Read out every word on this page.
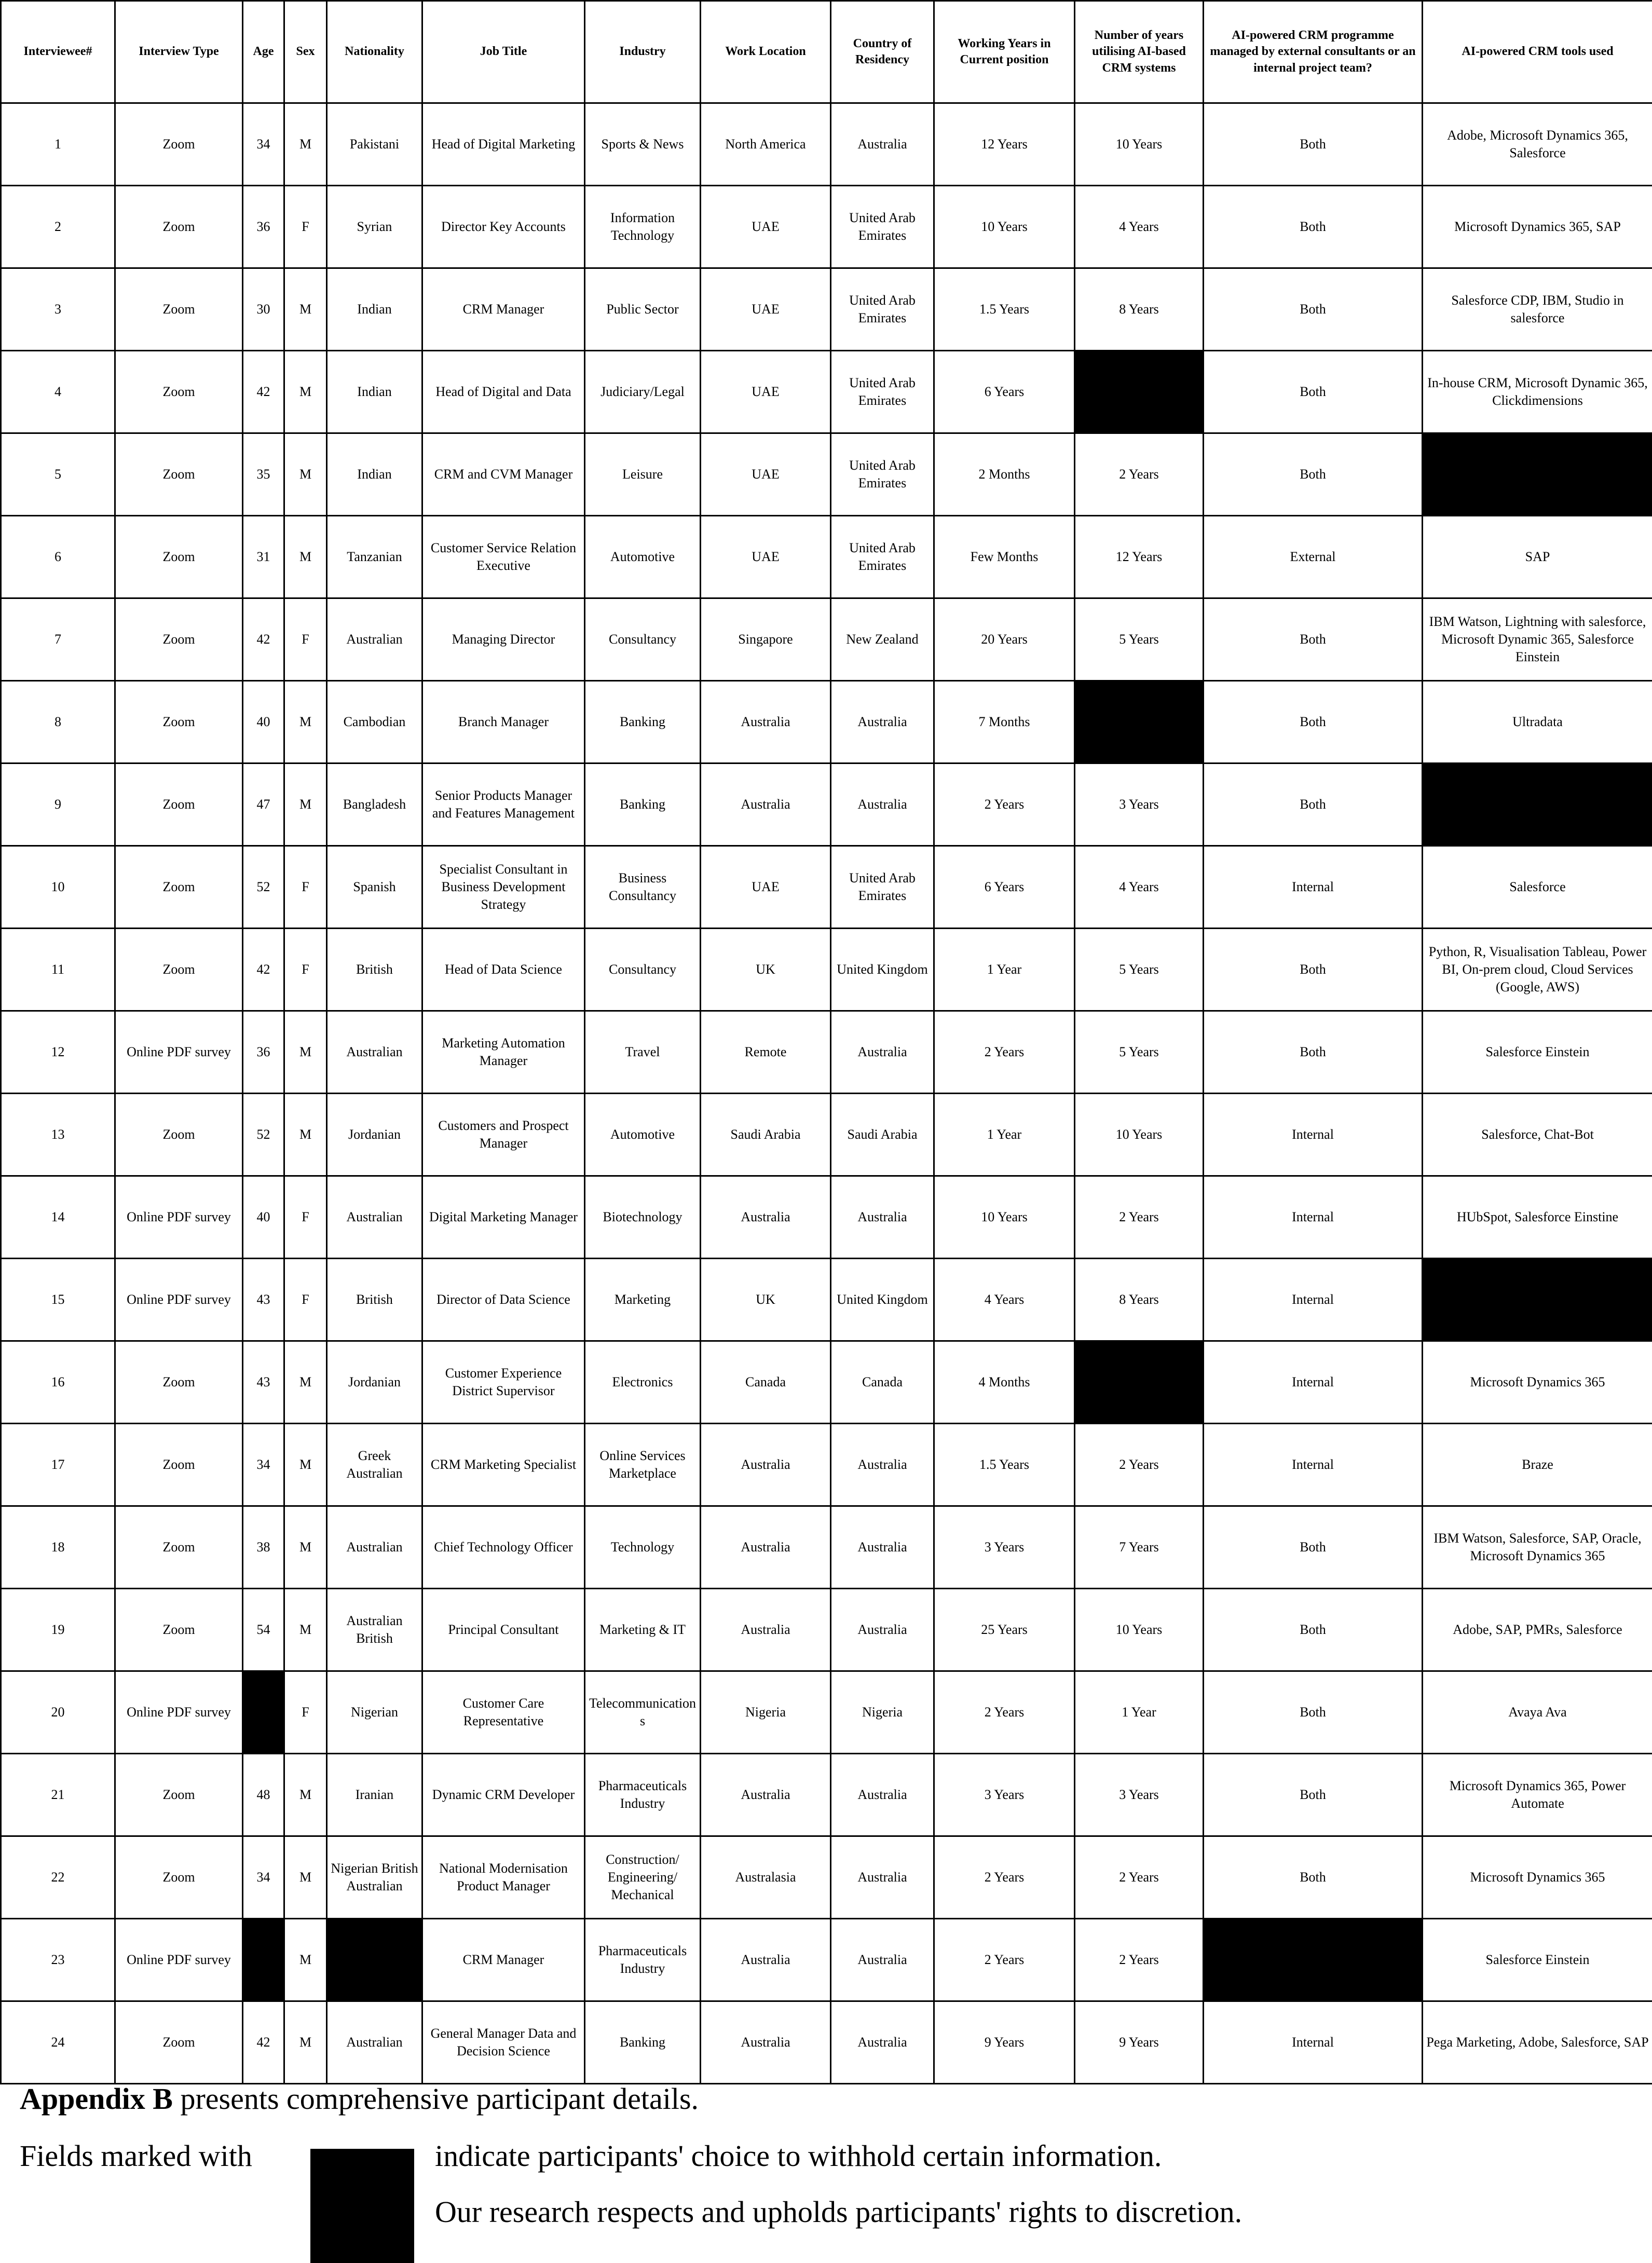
Interviewee#	Interview Type	Age	Sex	Nationality	Job Title	Industry	Work Location	Country of Residency	Working Years in Current position	Number of years utilising AI-based CRM systems	AI-powered CRM programme managed by external consultants or an internal project team?	AI-powered CRM tools used
1	Zoom	34	M	Pakistani	Head of Digital Marketing	Sports & News	North America	Australia	12 Years	10 Years	Both	Adobe, Microsoft Dynamics 365, Salesforce
2	Zoom	36	F	Syrian	Director Key Accounts	Information Technology	UAE	United Arab Emirates	10 Years	4 Years	Both	Microsoft Dynamics 365, SAP
3	Zoom	30	M	Indian	CRM Manager	Public Sector	UAE	United Arab Emirates	1.5 Years	8 Years	Both	Salesforce CDP, IBM, Studio in salesforce
4	Zoom	42	M	Indian	Head of Digital and Data	Judiciary/Legal	UAE	United Arab Emirates	6 Years		Both	In-house CRM, Microsoft Dynamic 365, Clickdimensions
5	Zoom	35	M	Indian	CRM and CVM Manager	Leisure	UAE	United Arab Emirates	2 Months	2 Years	Both	
6	Zoom	31	M	Tanzanian	Customer Service Relation Executive	Automotive	UAE	United Arab Emirates	Few Months	12 Years	External	SAP
7	Zoom	42	F	Australian	Managing Director	Consultancy	Singapore	New Zealand	20 Years	5 Years	Both	IBM Watson, Lightning with salesforce, Microsoft Dynamic 365, Salesforce Einstein
8	Zoom	40	M	Cambodian	Branch Manager	Banking	Australia	Australia	7 Months		Both	Ultradata
9	Zoom	47	M	Bangladesh	Senior Products Manager and Features Management	Banking	Australia	Australia	2 Years	3 Years	Both	
10	Zoom	52	F	Spanish	Specialist Consultant in Business Development Strategy	Business Consultancy	UAE	United Arab Emirates	6 Years	4 Years	Internal	Salesforce
11	Zoom	42	F	British	Head of Data Science	Consultancy	UK	United Kingdom	1 Year	5 Years	Both	Python, R, Visualisation Tableau, Power BI, On-prem cloud, Cloud Services (Google, AWS)
12	Online PDF survey	36	M	Australian	Marketing Automation Manager	Travel	Remote	Australia	2 Years	5 Years	Both	Salesforce Einstein
13	Zoom	52	M	Jordanian	Customers and Prospect Manager	Automotive	Saudi Arabia	Saudi Arabia	1 Year	10 Years	Internal	Salesforce, Chat-Bot
14	Online PDF survey	40	F	Australian	Digital Marketing Manager	Biotechnology	Australia	Australia	10 Years	2 Years	Internal	HUbSpot, Salesforce Einstine
15	Online PDF survey	43	F	British	Director of Data Science	Marketing	UK	United Kingdom	4 Years	8 Years	Internal	
16	Zoom	43	M	Jordanian	Customer Experience District Supervisor	Electronics	Canada	Canada	4 Months		Internal	Microsoft Dynamics 365
17	Zoom	34	M	Greek Australian	CRM Marketing Specialist	Online Services Marketplace	Australia	Australia	1.5 Years	2 Years	Internal	Braze
18	Zoom	38	M	Australian	Chief Technology Officer	Technology	Australia	Australia	3 Years	7 Years	Both	IBM Watson, Salesforce, SAP, Oracle, Microsoft Dynamics 365
19	Zoom	54	M	Australian British	Principal Consultant	Marketing & IT	Australia	Australia	25 Years	10 Years	Both	Adobe, SAP, PMRs, Salesforce
20	Online PDF survey		F	Nigerian	Customer Care Representative	Telecommunications	Nigeria	Nigeria	2 Years	1 Year	Both	Avaya Ava
21	Zoom	48	M	Iranian	Dynamic CRM Developer	Pharmaceuticals Industry	Australia	Australia	3 Years	3 Years	Both	Microsoft Dynamics 365, Power Automate
22	Zoom	34	M	Nigerian British Australian	National Modernisation Product Manager	Construction/ Engineering/ Mechanical	Australasia	Australia	2 Years	2 Years	Both	Microsoft Dynamics 365
23	Online PDF survey		M		CRM Manager	Pharmaceuticals Industry	Australia	Australia	2 Years	2 Years		Salesforce Einstein
24	Zoom	42	M	Australian	General Manager Data and Decision Science	Banking	Australia	Australia	9 Years	9 Years	Internal	Pega Marketing, Adobe, Salesforce, SAP
Appendix B presents comprehensive participant details.
Fields marked with	indicate participants' choice to withhold certain information.
Our research respects and upholds participants' rights to discretion.
